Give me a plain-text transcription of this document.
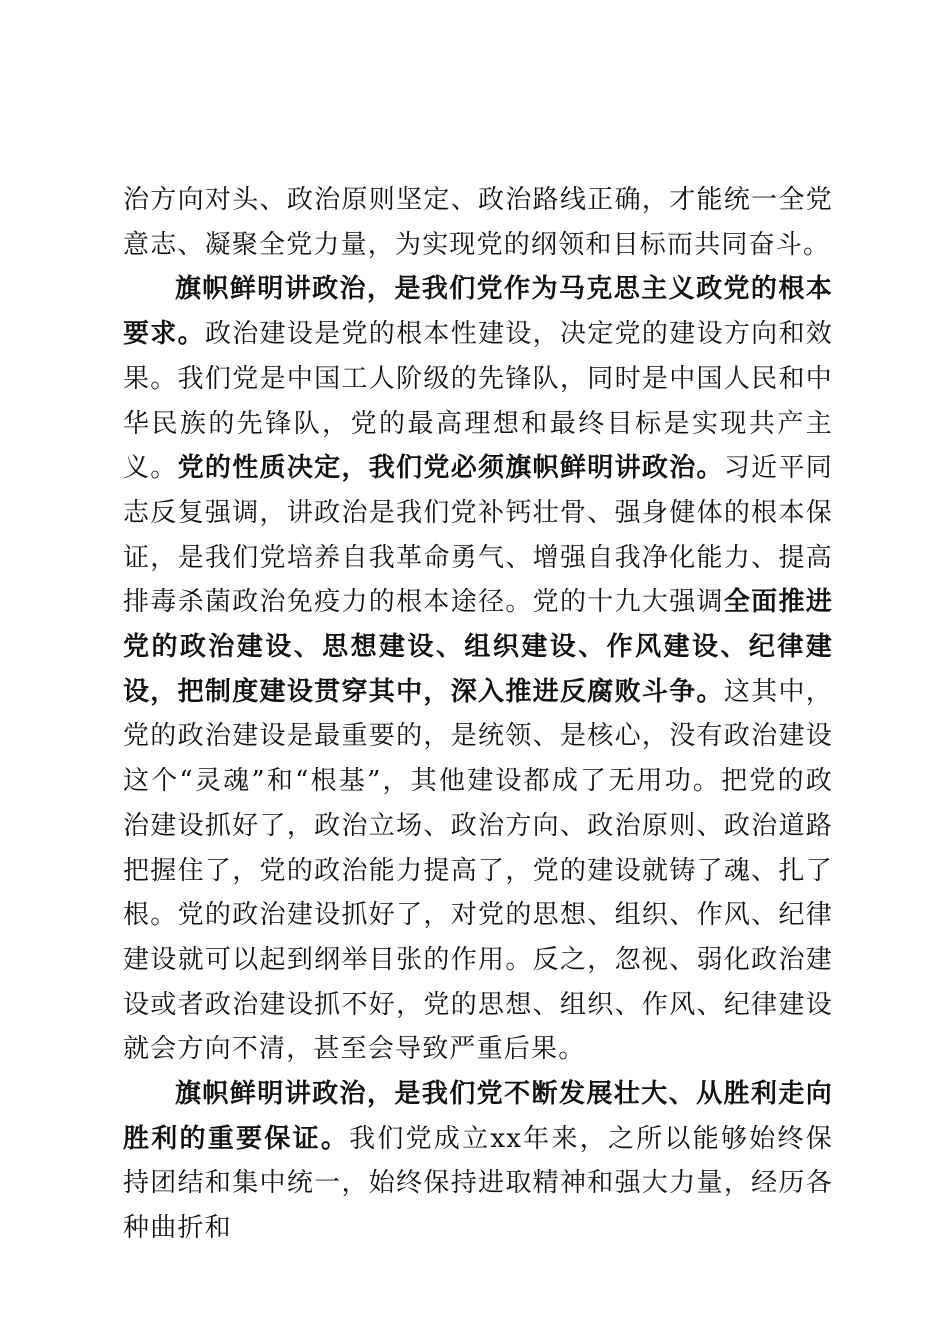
治方向对头、政治原则坚定、政治路线正确，才能统一全党意志、凝聚全党力量，为实现党的纲领和目标而共同奋斗。

旗帜鲜明讲政治，是我们党作为马克思主义政党的根本要求。政治建设是党的根本性建设，决定党的建设方向和效果。我们党是中国工人阶级的先锋队，同时是中国人民和中华民族的先锋队，党的最高理想和最终目标是实现共产主义。党的性质决定，我们党必须旗帜鲜明讲政治。习近平同志反复强调，讲政治是我们党补钙壮骨、强身健体的根本保证，是我们党培养自我革命勇气、增强自我净化能力、提高排毒杀菌政治免疫力的根本途径。党的十九大强调全面推进党的政治建设、思想建设、组织建设、作风建设、纪律建设，把制度建设贯穿其中，深入推进反腐败斗争。这其中，党的政治建设是最重要的，是统领、是核心，没有政治建设这个“灵魂”和“根基”，其他建设都成了无用功。把党的政治建设抓好了，政治立场、政治方向、政治原则、政治道路把握住了，党的政治能力提高了，党的建设就铸了魂、扎了根。党的政治建设抓好了，对党的思想、组织、作风、纪律建设就可以起到纲举目张的作用。反之，忽视、弱化政治建设或者政治建设抓不好，党的思想、组织、作风、纪律建设就会方向不清，甚至会导致严重后果。

旗帜鲜明讲政治，是我们党不断发展壮大、从胜利走向胜利的重要保证。我们党成立xx年来，之所以能够始终保持团结和集中统一，始终保持进取精神和强大力量，经历各种曲折和
